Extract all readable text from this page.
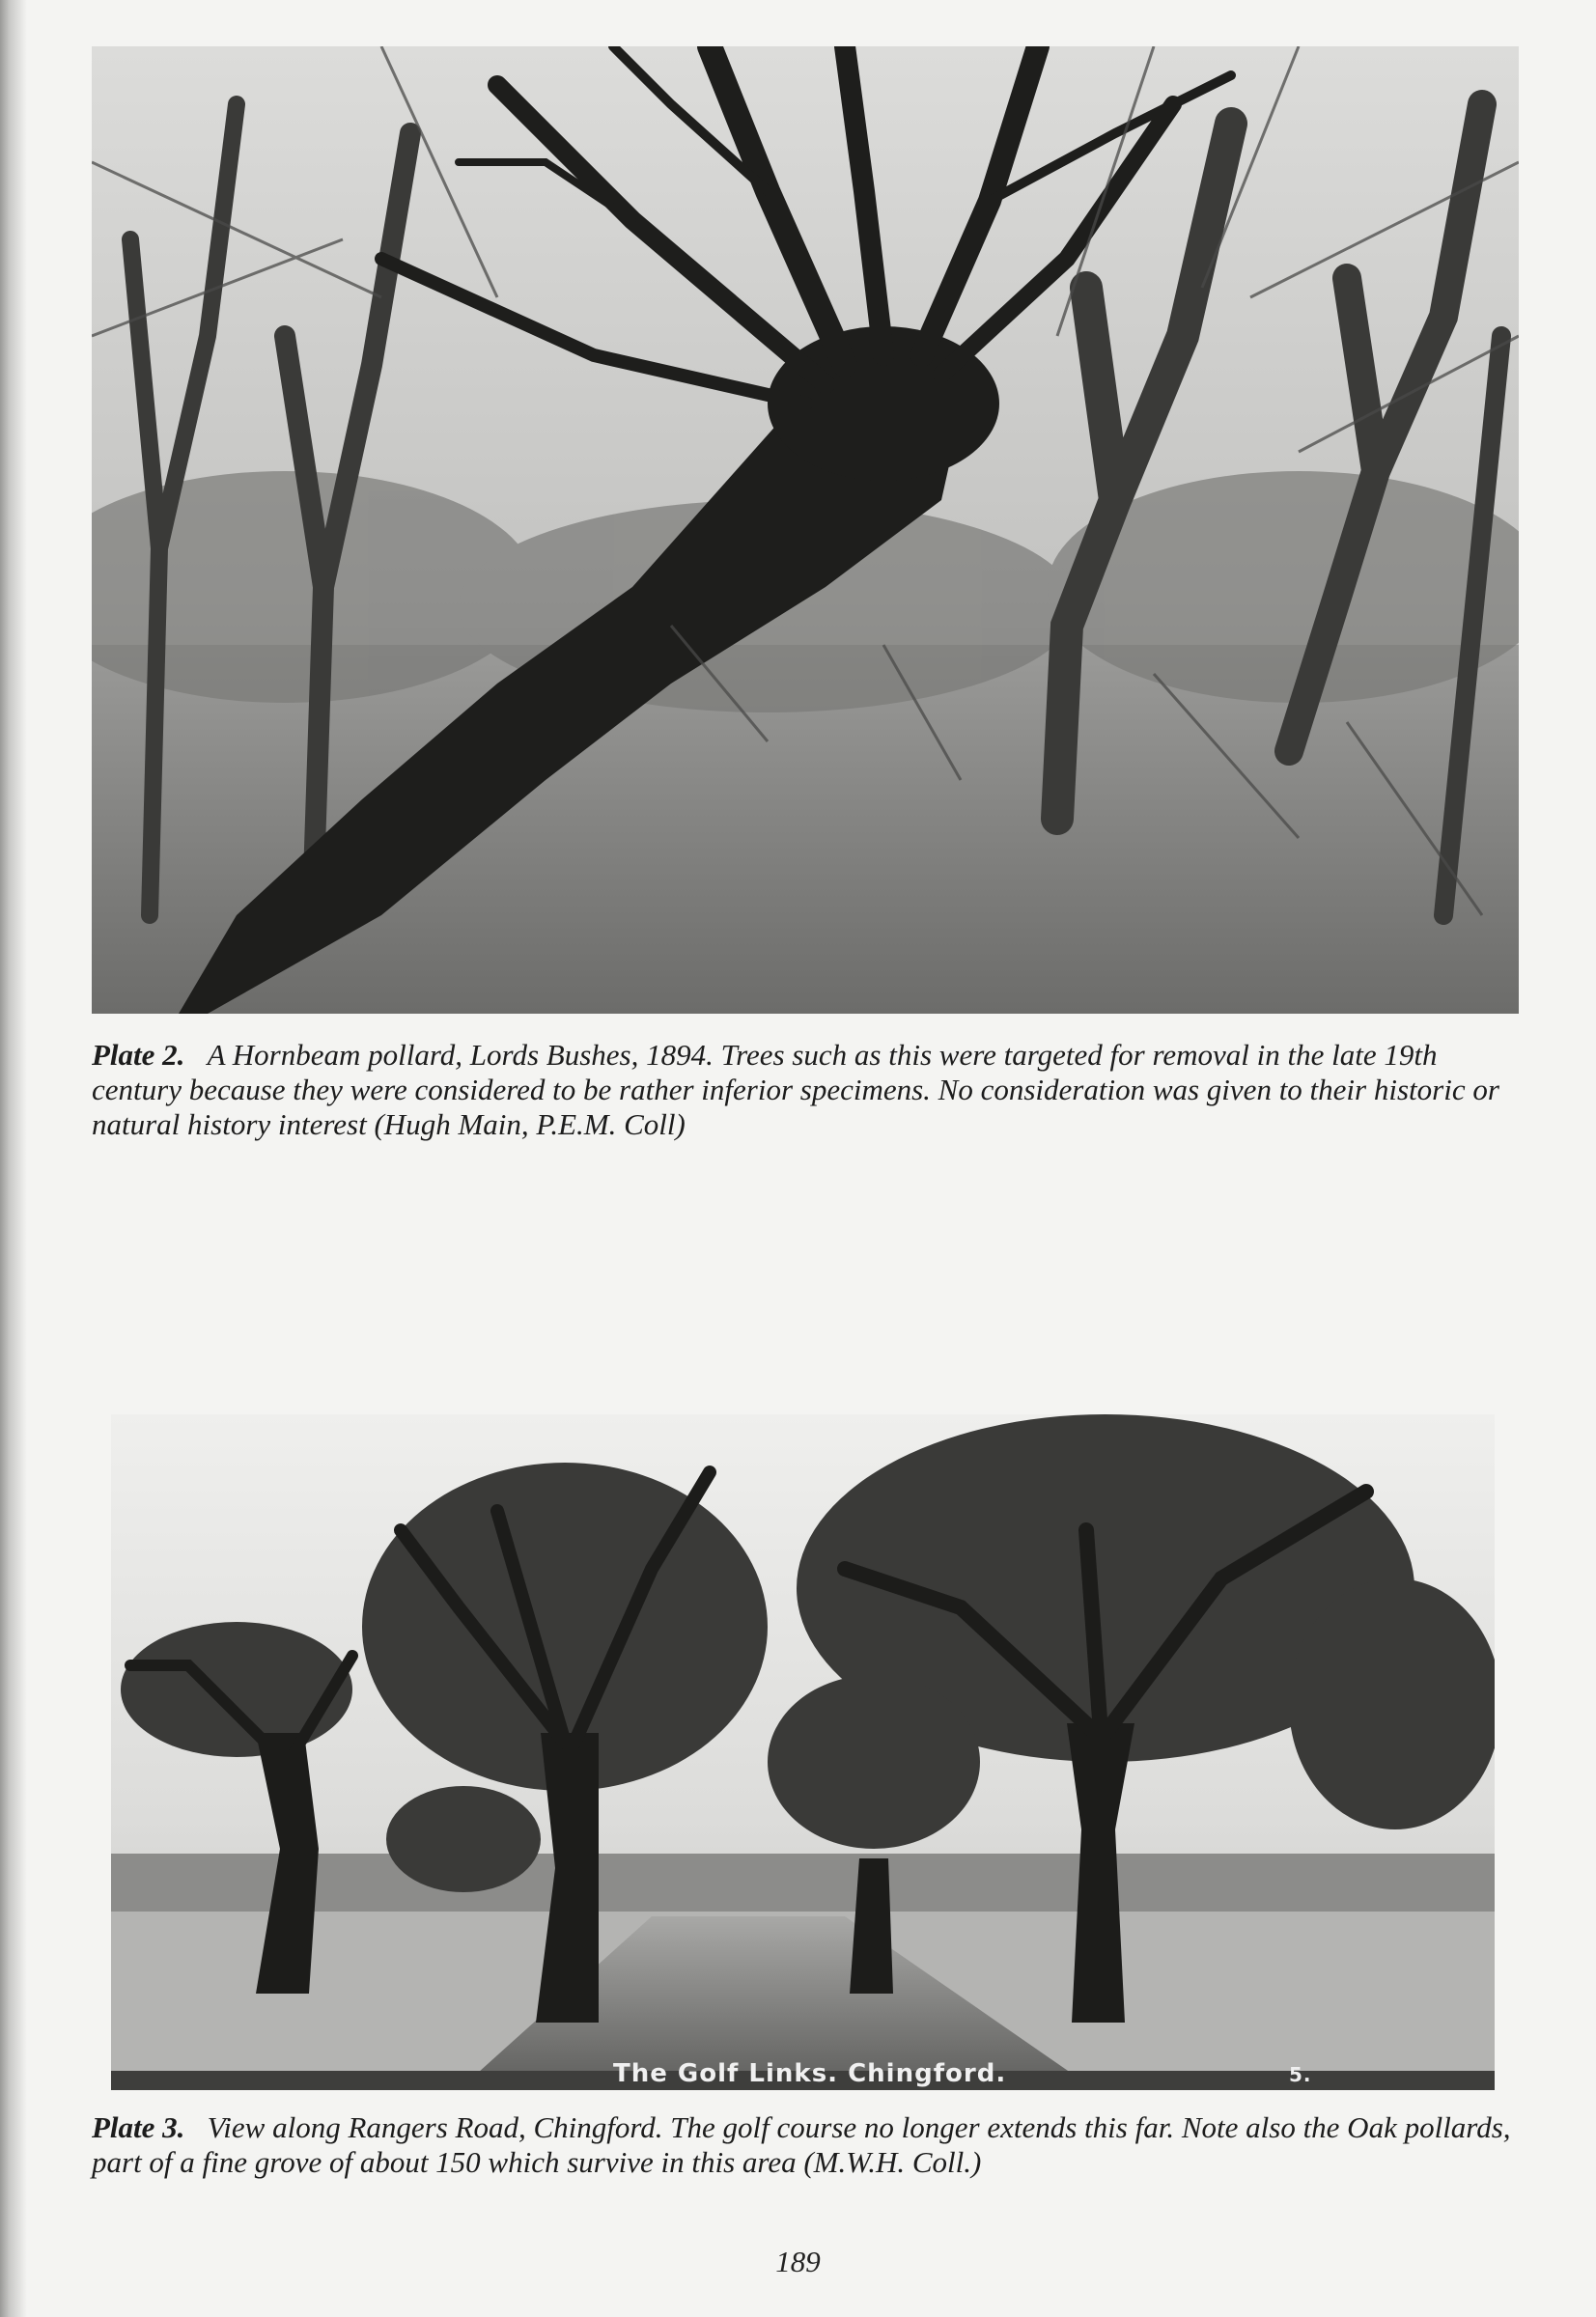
Plate 2. A Hornbeam pollard, Lords Bushes, 1894. Trees such as this were targeted for removal in the late 19th century because they were considered to be rather inferior specimens. No consideration was given to their historic or natural history interest (Hugh Main, P.E.M. Coll)
The Golf Links. Chingford.	5.
Plate 3. View along Rangers Road, Chingford. The golf course no longer extends this far. Note also the Oak pollards, part of a fine grove of about 150 which survive in this area (M.W.H. Coll.)
189
